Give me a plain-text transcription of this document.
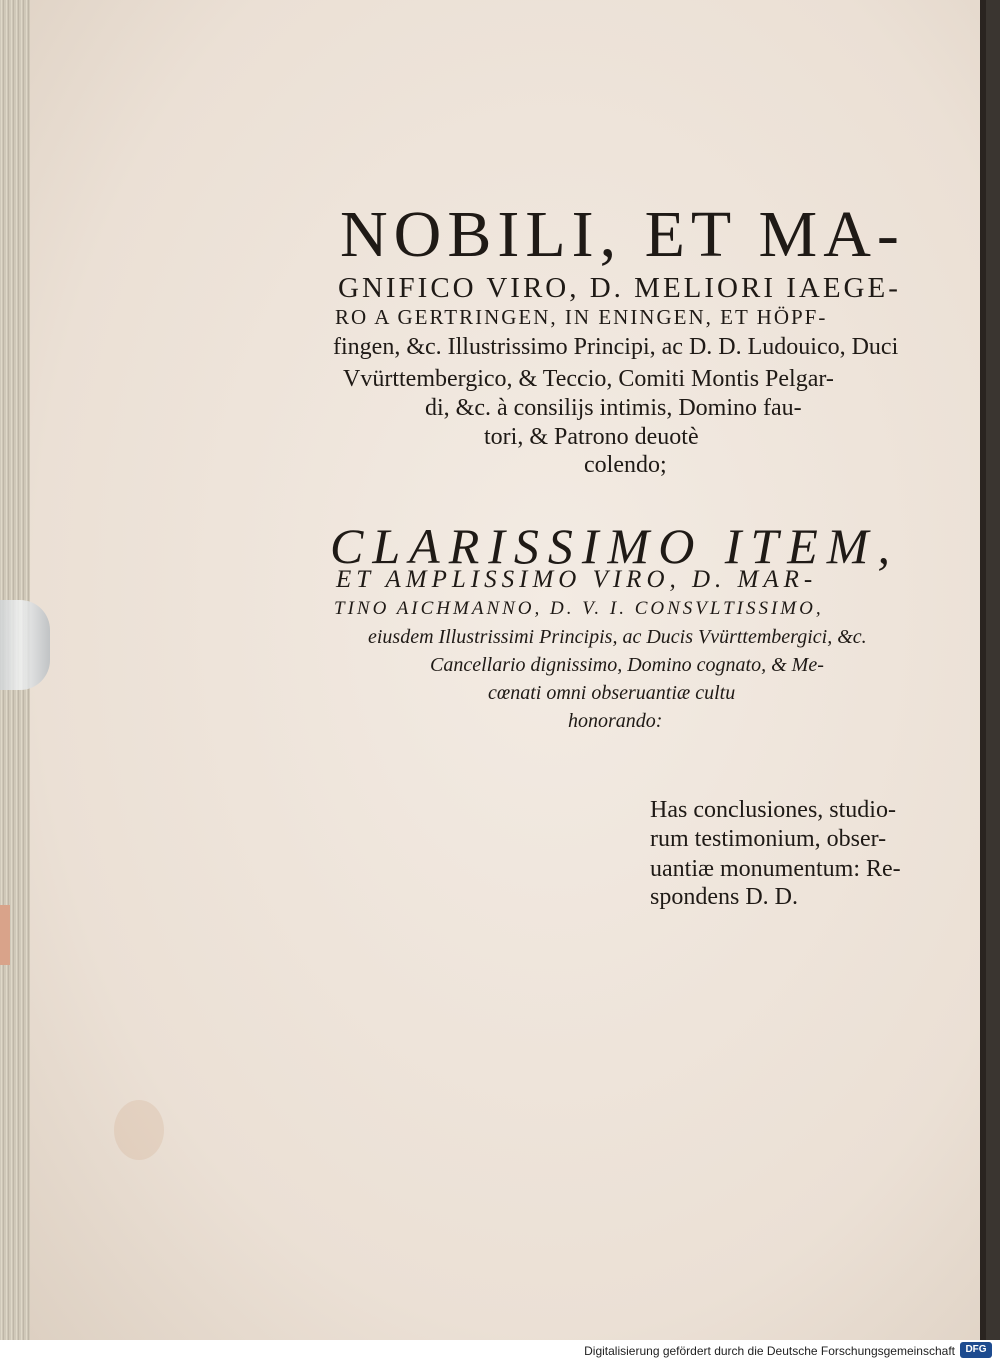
NOBILI, ET MA-
GNIFICO VIRO, D. MELIORI IAEGE-
RO A GERTRINGEN, IN ENINGEN, ET HÖPF-
fingen, &c. Illustrissimo Principi, ac D. D. Ludouico, Duci
Vvürttembergico, & Teccio, Comiti Montis Pelgar-
di, &c. à consilijs intimis, Domino fau-
tori, & Patrono deuotè
colendo;
CLARISSIMO ITEM,
ET AMPLISSIMO VIRO, D. MAR-
TINO AICHMANNO, D. V. I. CONSVLTISSIMO,
eiusdem Illustrissimi Principis, ac Ducis Vvürttembergici, &c.
Cancellario dignissimo, Domino cognato, & Me-
cœnati omni obseruantiæ cultu
honorando:
Has conclusiones, studio-
rum testimonium, obser-
uantiæ monumentum: Re-
spondens D. D.
Digitalisierung gefördert durch die Deutsche Forschungsgemeinschaft	DFG
